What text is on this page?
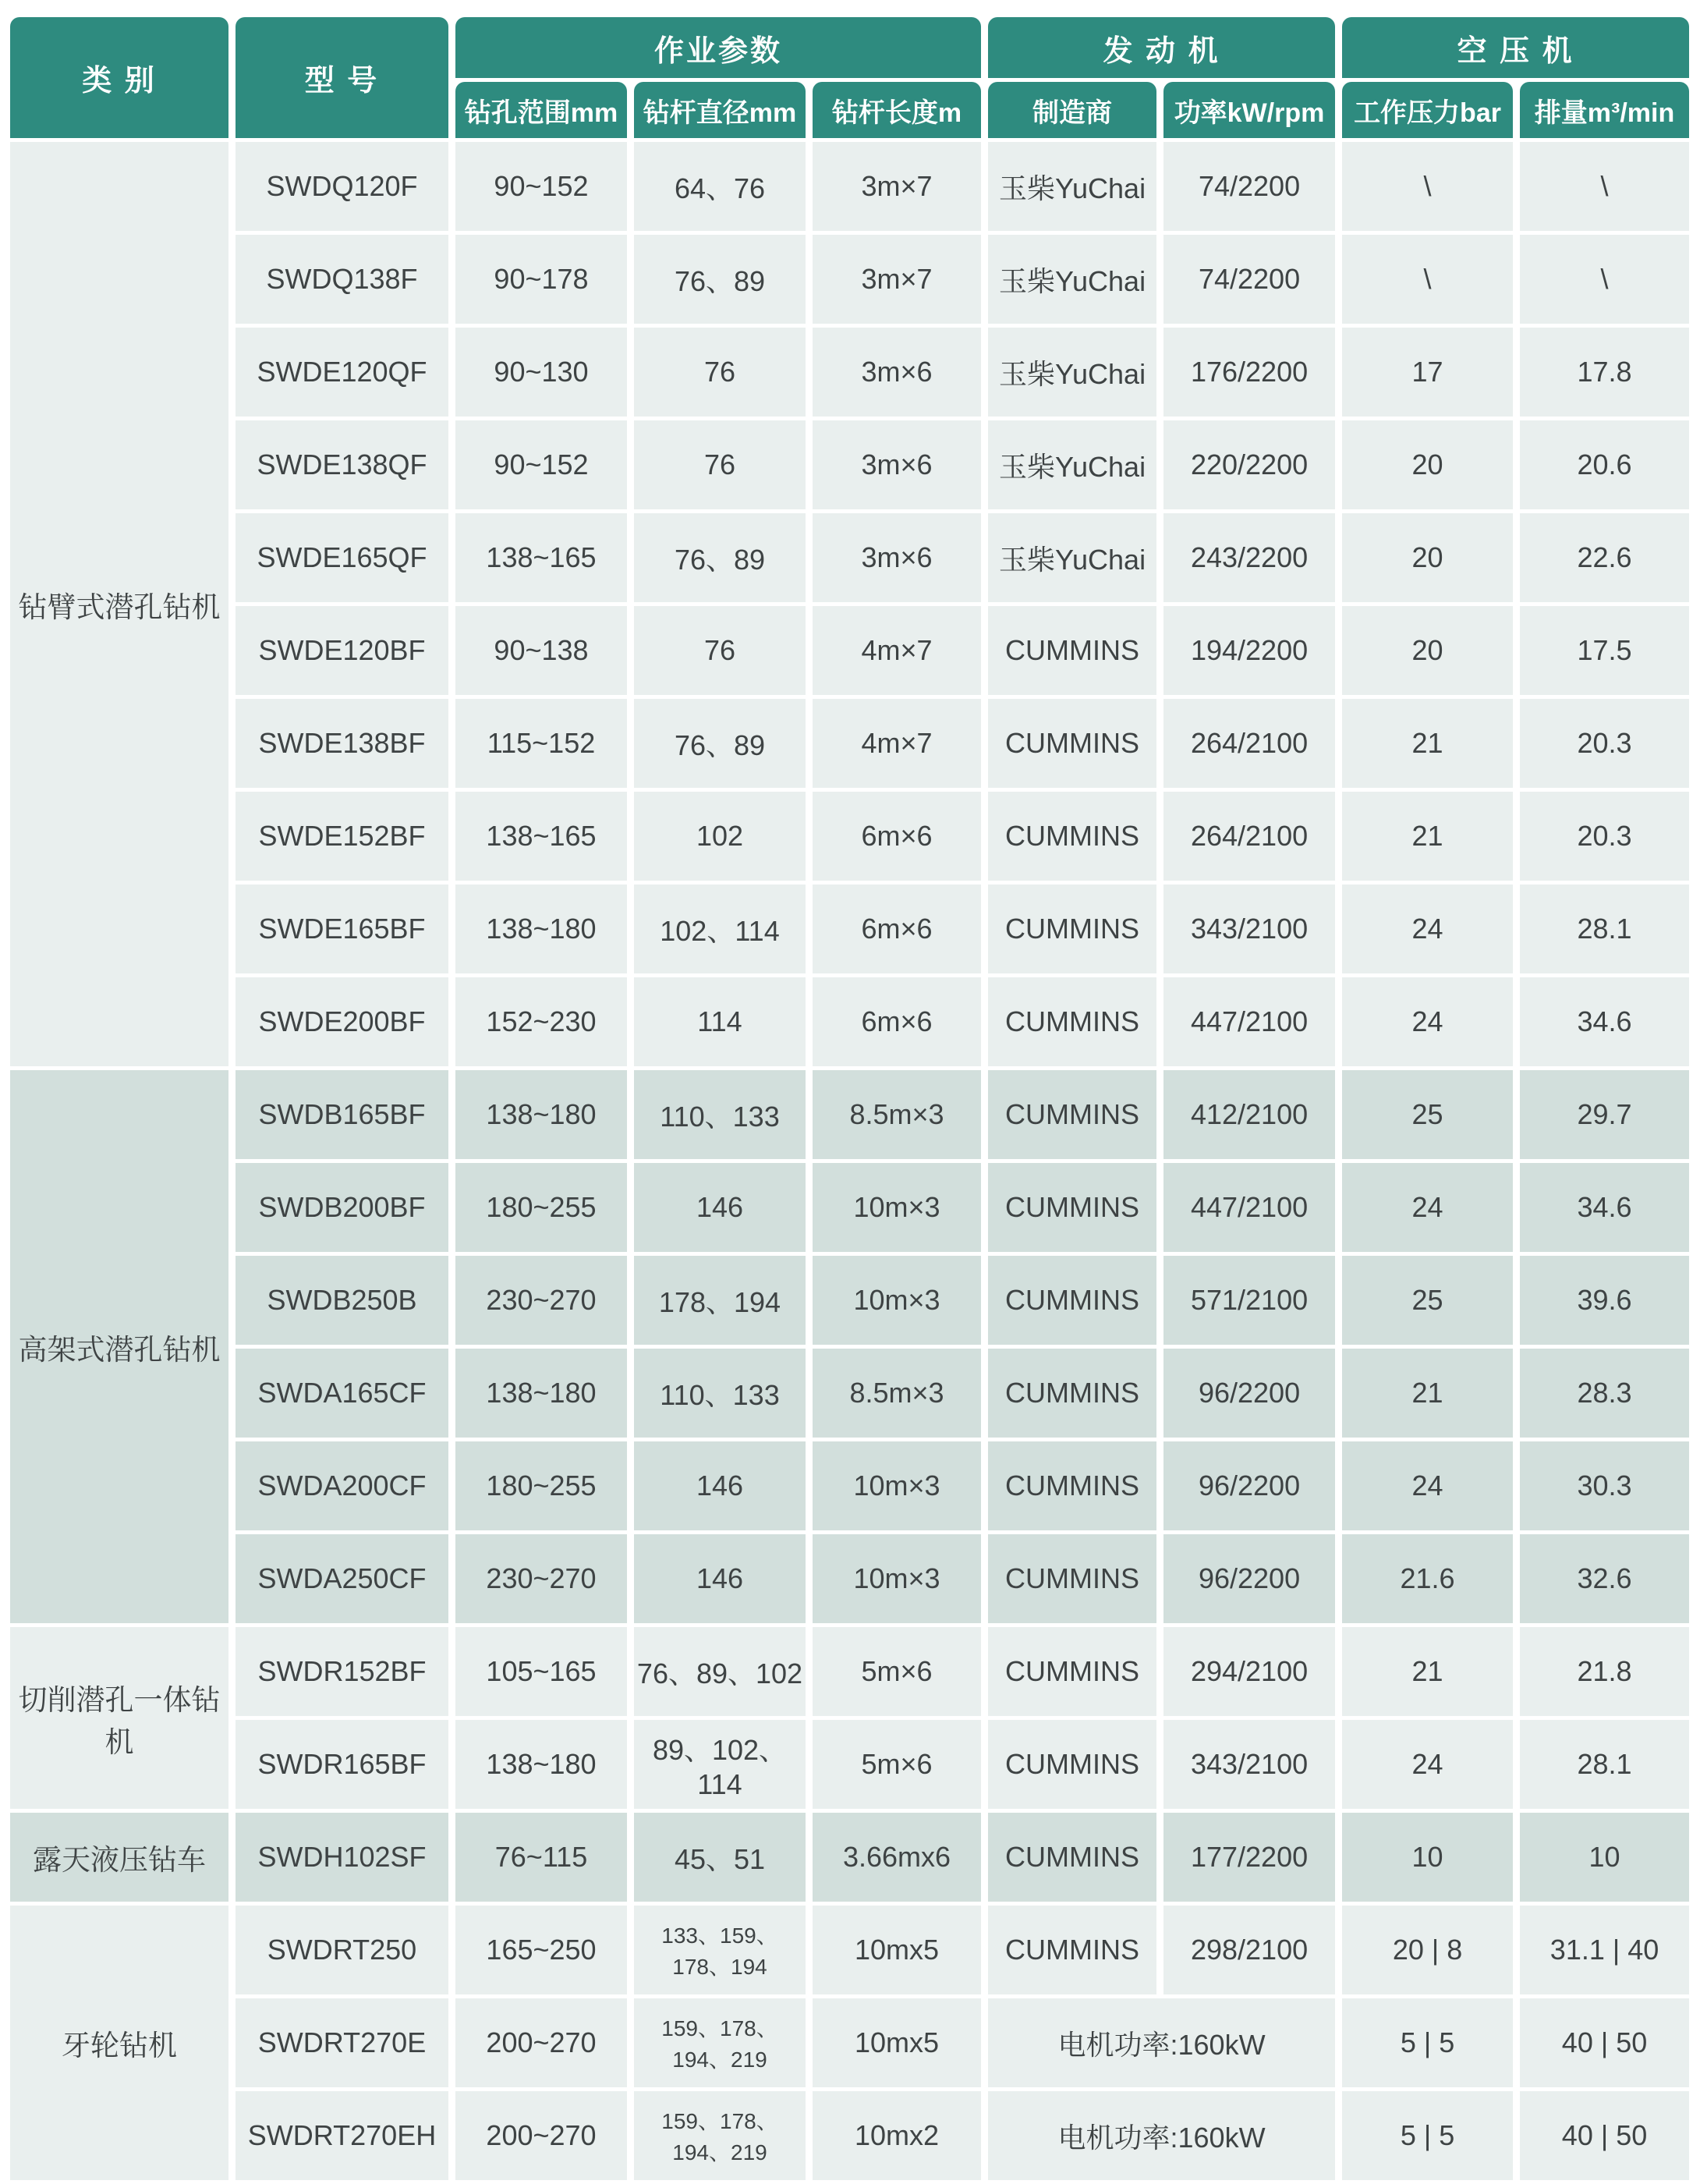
类 别	型 号	作业参数			发 动 机		空 压 机	
		钻孔范围mm	钻杆直径mm	钻杆长度m	制造商	功率kW/rpm	工作压力bar	排量m³/min
钻臂式潜孔钻机	SWDQ120F	90~152	64、76	3m×7	玉柴YuChai	74/2200	\	\
	SWDQ138F	90~178	76、89	3m×7	玉柴YuChai	74/2200	\	\
	SWDE120QF	90~130	76	3m×6	玉柴YuChai	176/2200	17	17.8
	SWDE138QF	90~152	76	3m×6	玉柴YuChai	220/2200	20	20.6
	SWDE165QF	138~165	76、89	3m×6	玉柴YuChai	243/2200	20	22.6
	SWDE120BF	90~138	76	4m×7	CUMMINS	194/2200	20	17.5
	SWDE138BF	115~152	76、89	4m×7	CUMMINS	264/2100	21	20.3
	SWDE152BF	138~165	102	6m×6	CUMMINS	264/2100	21	20.3
	SWDE165BF	138~180	102、114	6m×6	CUMMINS	343/2100	24	28.1
	SWDE200BF	152~230	114	6m×6	CUMMINS	447/2100	24	34.6
高架式潜孔钻机	SWDB165BF	138~180	110、133	8.5m×3	CUMMINS	412/2100	25	29.7
	SWDB200BF	180~255	146	10m×3	CUMMINS	447/2100	24	34.6
	SWDB250B	230~270	178、194	10m×3	CUMMINS	571/2100	25	39.6
	SWDA165CF	138~180	110、133	8.5m×3	CUMMINS	96/2200	21	28.3
	SWDA200CF	180~255	146	10m×3	CUMMINS	96/2200	24	30.3
	SWDA250CF	230~270	146	10m×3	CUMMINS	96/2200	21.6	32.6
切削潜孔一体钻机	SWDR152BF	105~165	76、89、102	5m×6	CUMMINS	294/2100	21	21.8
	SWDR165BF	138~180	89、102、114	5m×6	CUMMINS	343/2100	24	28.1
露天液压钻车	SWDH102SF	76~115	45、51	3.66mx6	CUMMINS	177/2200	10	10
牙轮钻机	SWDRT250	165~250	133、159、178、194	10mx5	CUMMINS	298/2100	20 | 8	31.1 | 40
	SWDRT270E	200~270	159、178、194、219	10mx5	电机功率:160kW		5 | 5	40 | 50
	SWDRT270EH	200~270	159、178、194、219	10mx2	电机功率:160kW		5 | 5	40 | 50
